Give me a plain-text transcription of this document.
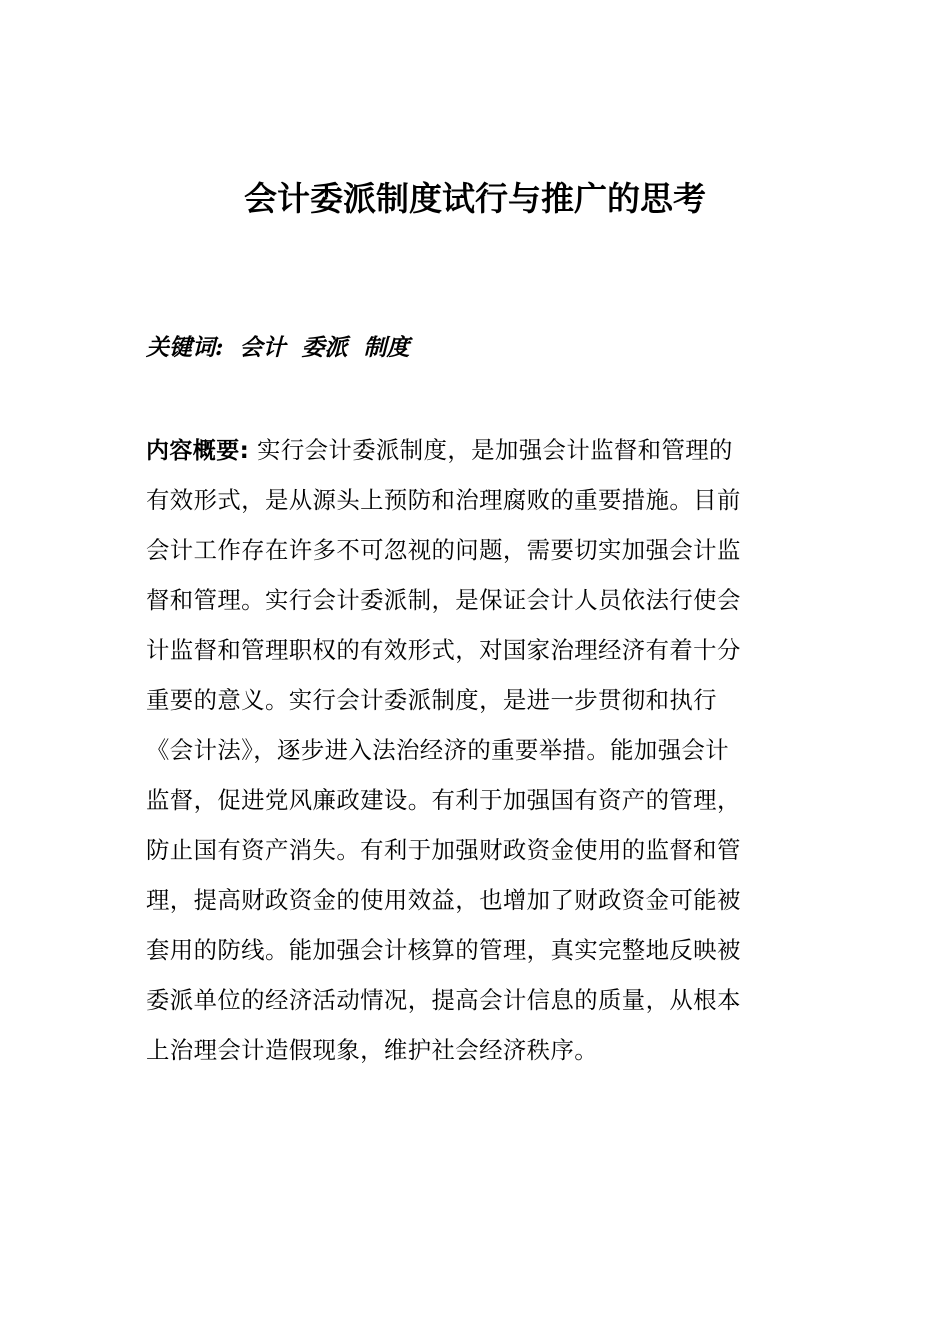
会计委派制度试行与推广的思考

关键词:  会计  委派  制度

内容概要: 实行会计委派制度，是加强会计监督和管理的
有效形式，是从源头上预防和治理腐败的重要措施。目前
会计工作存在许多不可忽视的问题，需要切实加强会计监
督和管理。实行会计委派制，是保证会计人员依法行使会
计监督和管理职权的有效形式，对国家治理经济有着十分
重要的意义。实行会计委派制度，是进一步贯彻和执行
《会计法》，逐步进入法治经济的重要举措。能加强会计
监督，促进党风廉政建设。有利于加强国有资产的管理，
防止国有资产消失。有利于加强财政资金使用的监督和管
理，提高财政资金的使用效益，也增加了财政资金可能被
套用的防线。能加强会计核算的管理，真实完整地反映被
委派单位的经济活动情况，提高会计信息的质量，从根本
上治理会计造假现象，维护社会经济秩序。
